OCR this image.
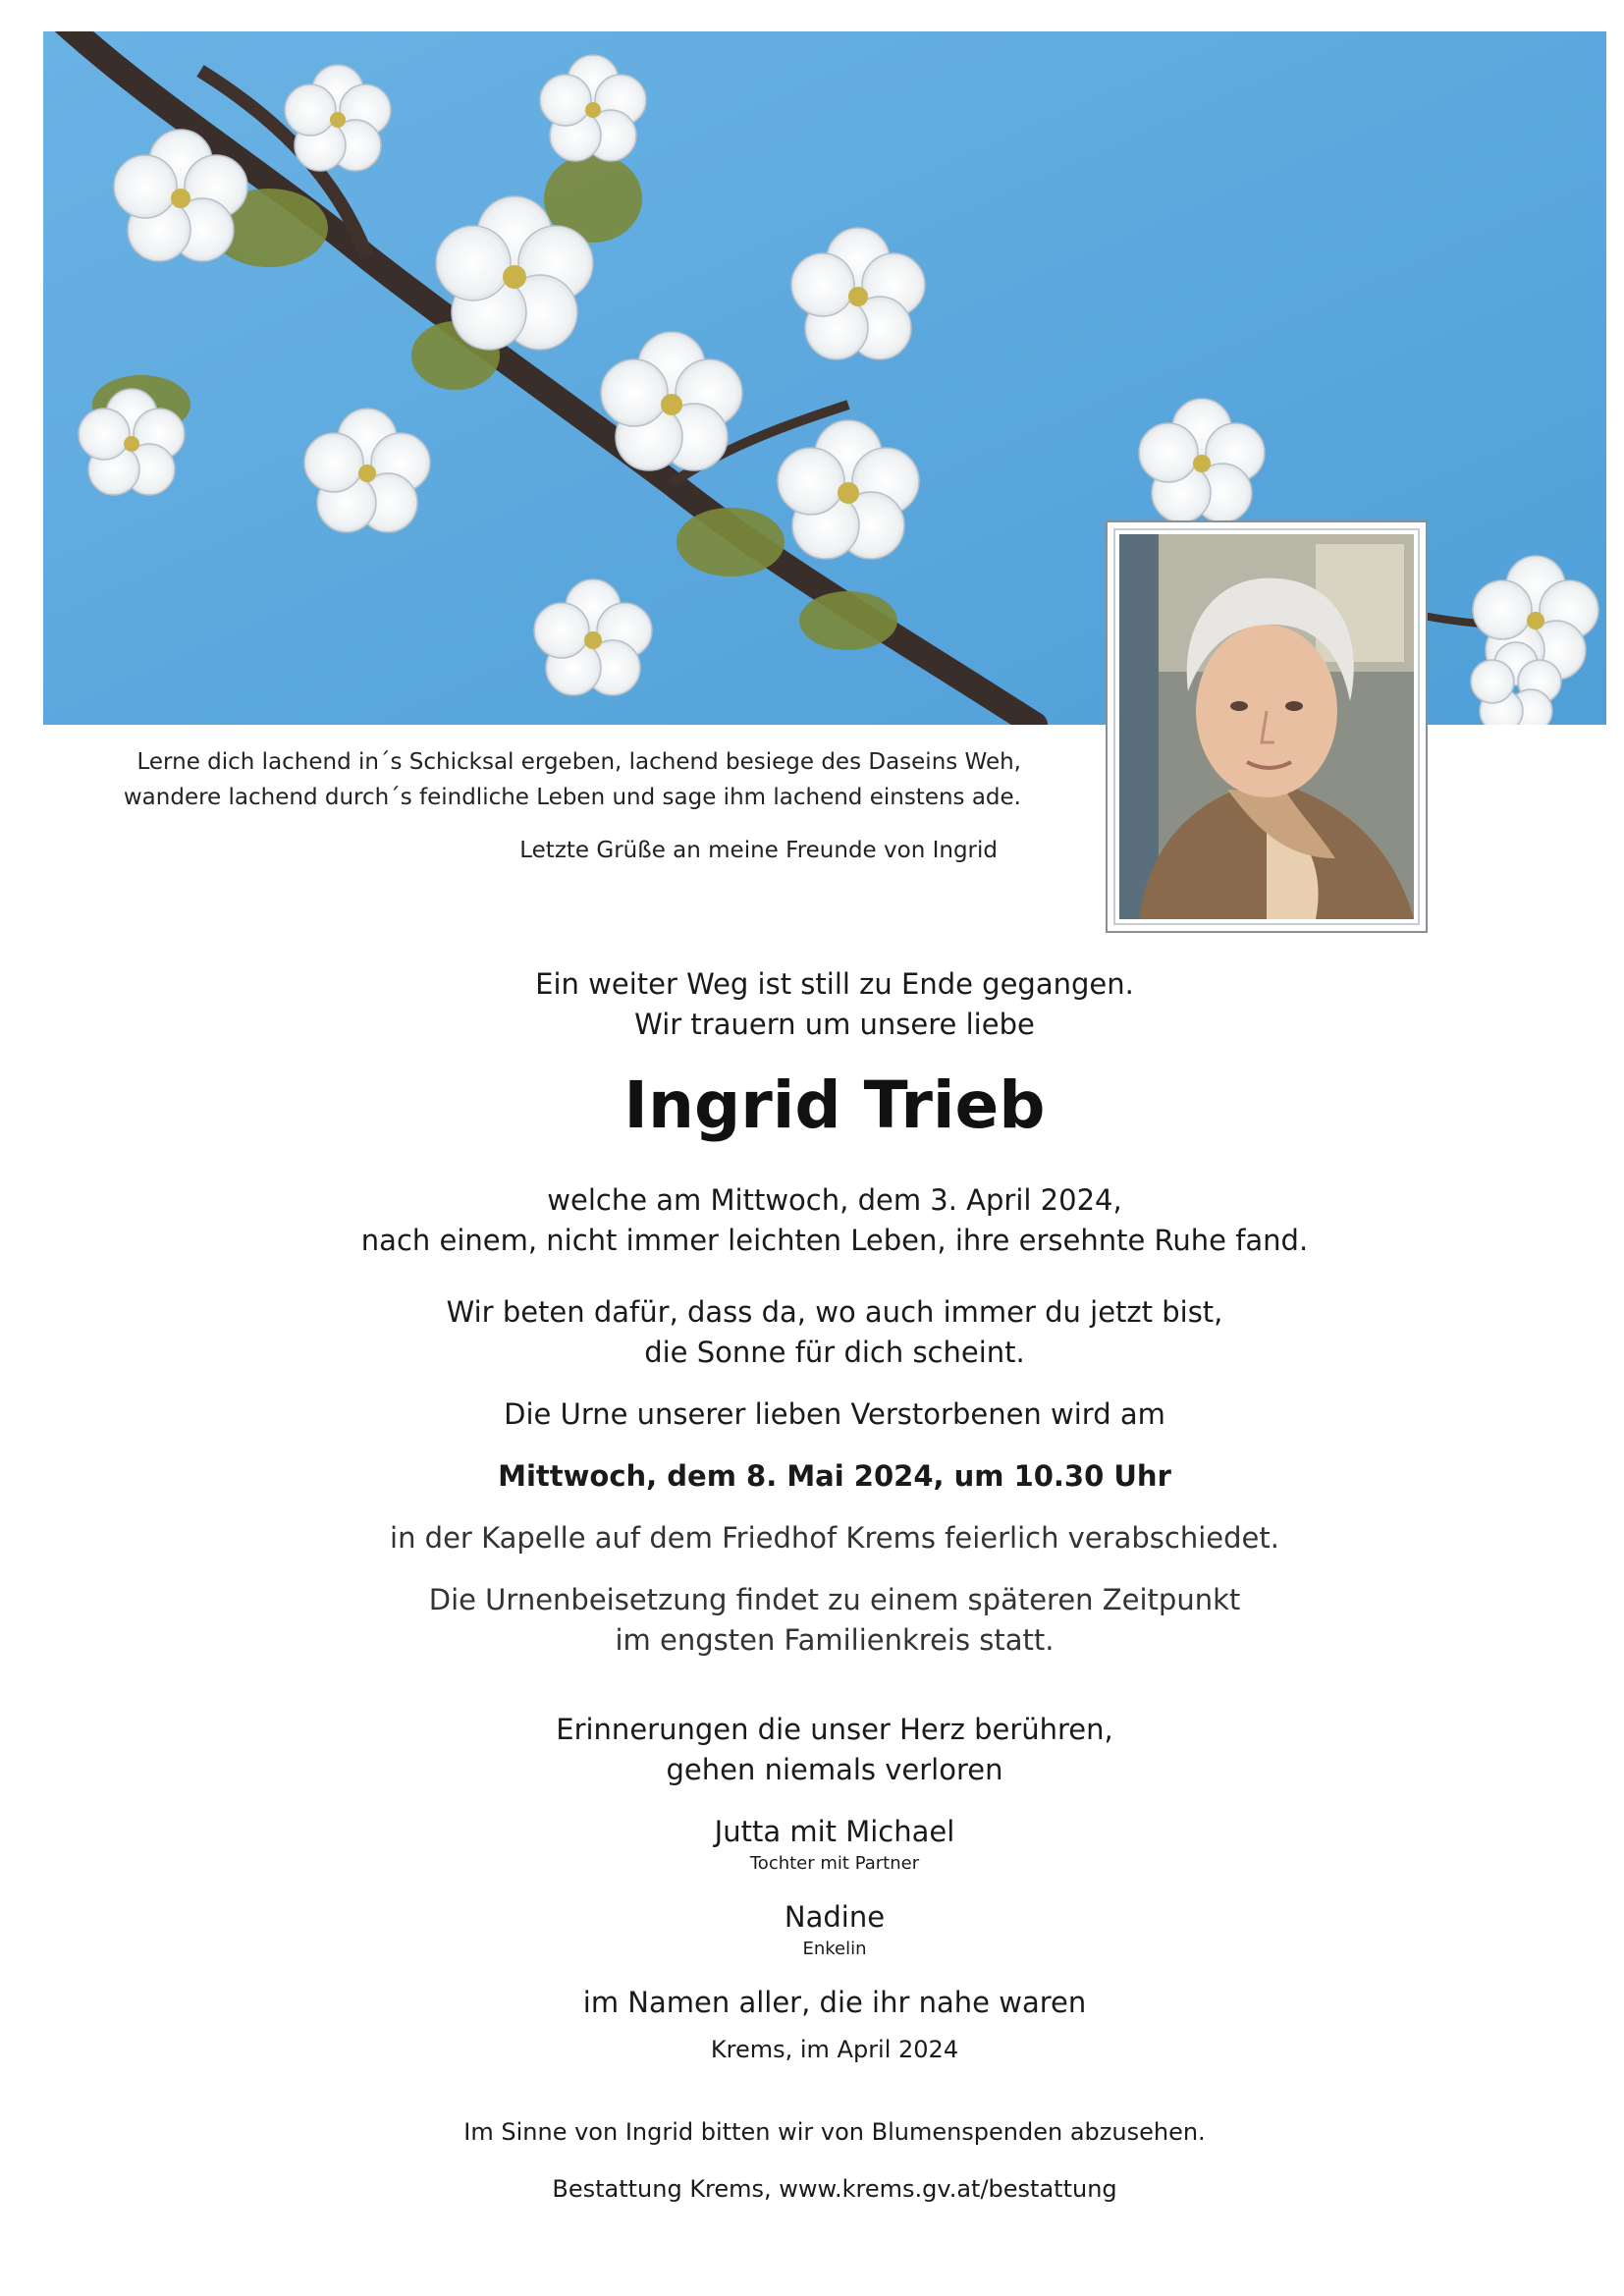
Lerne dich lachend in´s Schicksal ergeben, lachend besiege des Daseins Weh,
wandere lachend durch´s feindliche Leben und sage ihm lachend einstens ade.
Letzte Grüße an meine Freunde von Ingrid
Ein weiter Weg ist still zu Ende gegangen.
Wir trauern um unsere liebe
Ingrid Trieb
welche am Mittwoch, dem 3. April 2024,
nach einem, nicht immer leichten Leben, ihre ersehnte Ruhe fand.
Wir beten dafür, dass da, wo auch immer du jetzt bist,
die Sonne für dich scheint.
Die Urne unserer lieben Verstorbenen wird am
Mittwoch, dem 8. Mai 2024, um 10.30 Uhr
in der Kapelle auf dem Friedhof Krems feierlich verabschiedet.
Die Urnenbeisetzung findet zu einem späteren Zeitpunkt
im engsten Familienkreis statt.
Erinnerungen die unser Herz berühren,
gehen niemals verloren
Jutta mit Michael
Tochter mit Partner
Nadine
Enkelin
im Namen aller, die ihr nahe waren
Krems, im April 2024
Im Sinne von Ingrid bitten wir von Blumenspenden abzusehen.
Bestattung Krems, www.krems.gv.at/bestattung
